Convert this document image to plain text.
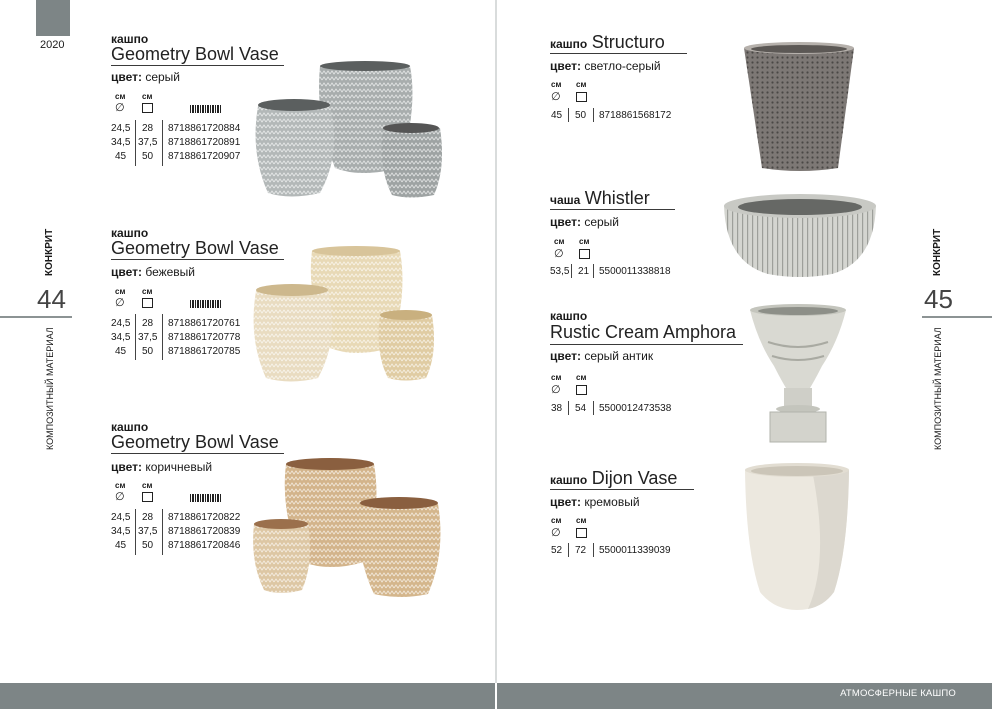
2020
АТМОСФЕРНЫЕ КАШПО
КОНКРИТ
44
КОМПОЗИТНЫЙ МАТЕРИАЛ
КОНКРИТ
45
КОМПОЗИТНЫЙ МАТЕРИАЛ
кашпо
Geometry Bowl Vase
цвет: серый
см см
∅
24,5 28 8718861720884
34,5 37,5 8718861720891
45 50 8718861720907
кашпо
Geometry Bowl Vase
цвет: бежевый
см см
∅
24,5 28 8718861720761
34,5 37,5 8718861720778
45 50 8718861720785
кашпо
Geometry Bowl Vase
цвет: коричневый
см см
∅
24,5 28 8718861720822
34,5 37,5 8718861720839
45 50 8718861720846
кашпо Structuro
цвет: светло-серый
см см
∅
45 50 8718861568172
чаша Whistler
цвет: серый
см см
∅
53,5 21 5500011338818
кашпо
Rustic Cream Amphora
цвет: серый антик
см см
∅
38 54 5500012473538
кашпо Dijon Vase
цвет: кремовый
см см
∅
52 72 5500011339039
